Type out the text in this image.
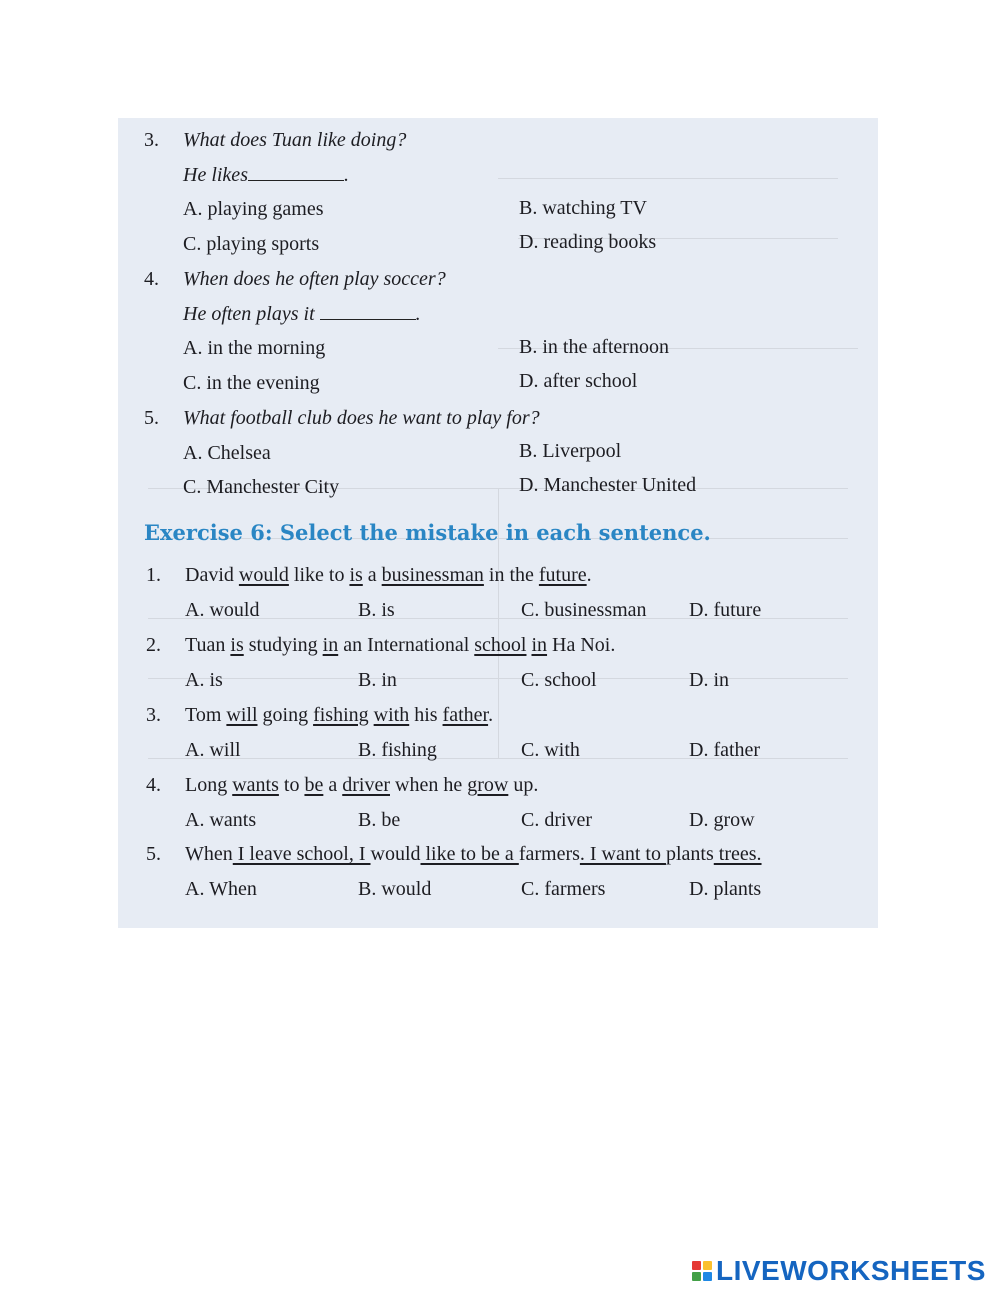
3. What does Tuan like doing?
He likes	.
A. playing games	B. watching TV
C. playing sports	D. reading books
4. When does he often play soccer?
He often plays it	.
A. in the morning	B. in the afternoon
C. in the evening	D. after school
5. What football club does he want to play for?
A. Chelsea	B. Liverpool
C. Manchester City	D. Manchester United
Exercise 6: Select the mistake in each sentence.
1. David would like to is a businessman in the future.
A. would	B. is	C. businessman D. future
2. Tuan is studying in an International school in Ha Noi.
A. is	B. in	C. school	D. in
3. Tom will going fishing with his father.
A. will	B. fishing	C. with	D. father
4. Long wants to be a driver when he grow up.
A. wants	B. be	C. driver	D. grow
5. When I leave school, I would like to be a farmers. I want to plants trees.
A. When	B. would	C. farmers	D. plants
LIVEWORKSHEETS
